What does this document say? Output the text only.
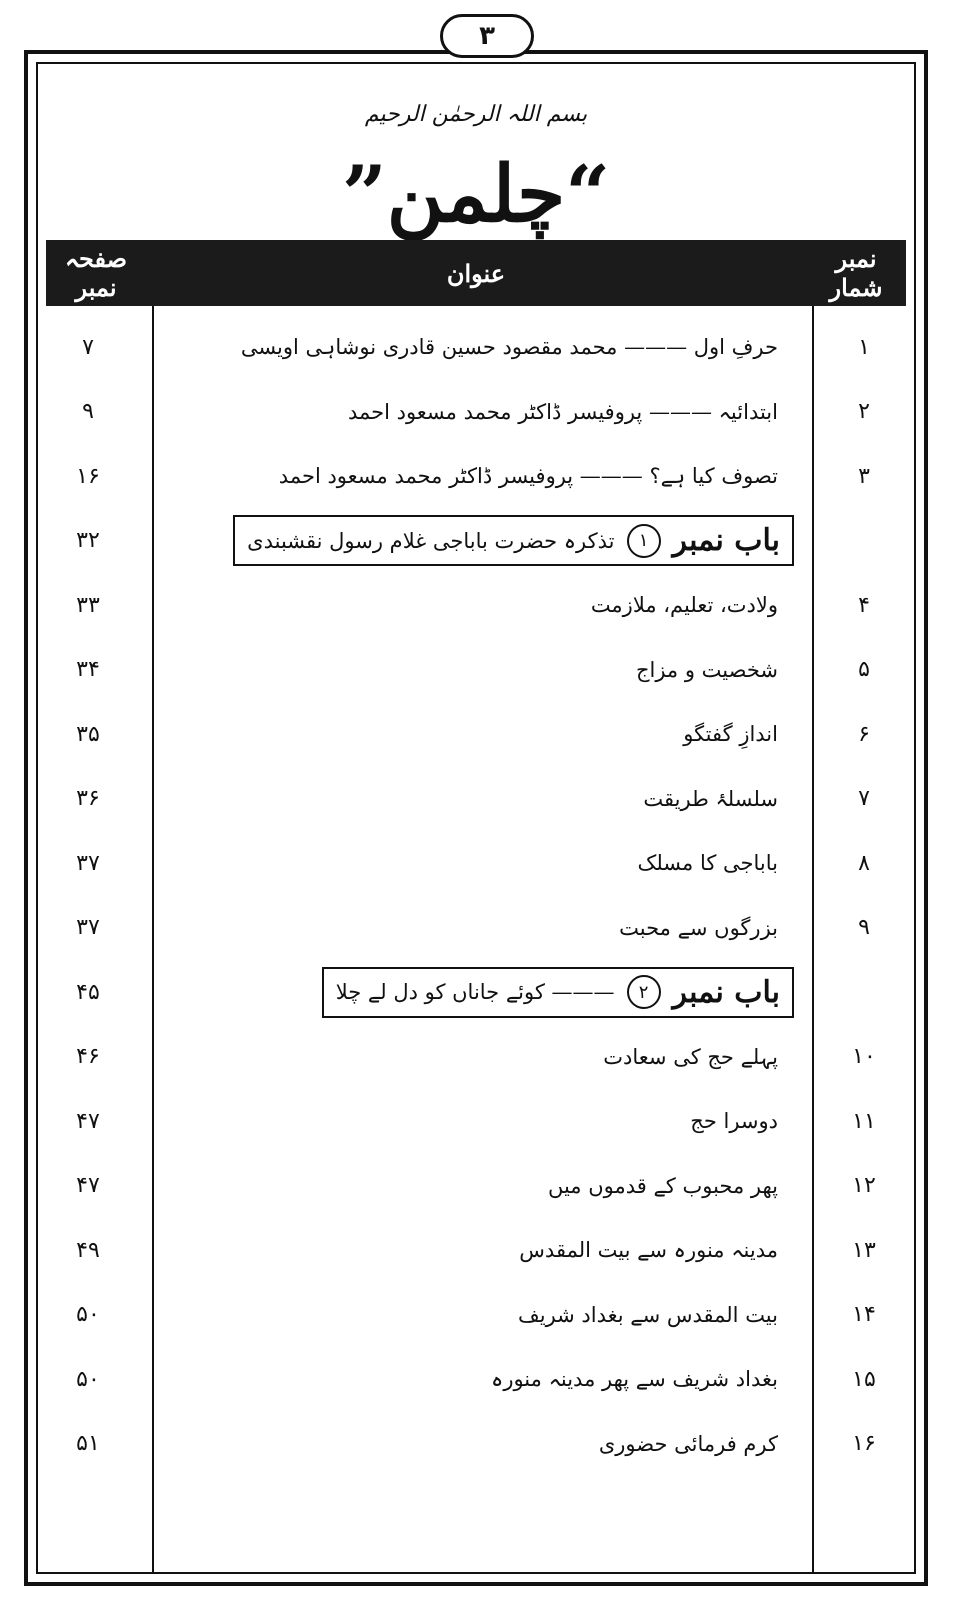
۳
بسم اللہ الرحمٰن الرحیم
”چلمن“
نمبر شمار
عنوان
صفحہ نمبر
۱
حرفِ اول ——— محمد مقصود حسین قادری نوشاہی اویسی
۷
۲
ابتدائیہ ——— پروفیسر ڈاکٹر محمد مسعود احمد
۹
۳
تصوف کیا ہے؟ ——— پروفیسر ڈاکٹر محمد مسعود احمد
۱۶
باب نمبر
۱
تذکرہ حضرت باباجی غلام رسول نقشبندی
۳۲
۴
ولادت، تعلیم، ملازمت
۳۳
۵
شخصیت و مزاج
۳۴
۶
اندازِ گفتگو
۳۵
۷
سلسلۂ طریقت
۳۶
۸
باباجی کا مسلک
۳۷
۹
بزرگوں سے محبت
۳۷
باب نمبر
۲
——— کوئے جاناں کو دل لے چلا
۴۵
۱۰
پہلے حج کی سعادت
۴۶
۱۱
دوسرا حج
۴۷
۱۲
پھر محبوب کے قدموں میں
۴۷
۱۳
مدینہ منورہ سے بیت المقدس
۴۹
۱۴
بیت المقدس سے بغداد شریف
۵۰
۱۵
بغداد شریف سے پھر مدینہ منورہ
۵۰
۱۶
کرم فرمائی حضوری
۵۱
